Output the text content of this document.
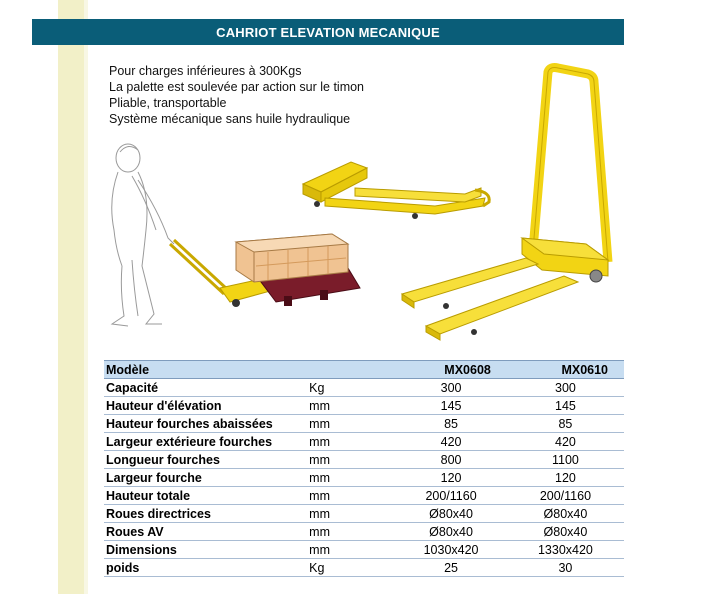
CAHRIOT ELEVATION MECANIQUE
Pour charges inférieures à 300Kgs
La palette est soulevée par action sur le timon
Pliable, transportable
Système mécanique sans huile hydraulique
Modèle		MX0608	MX0610
Capacité	Kg	300	300
Hauteur d'élévation	mm	145	145
Hauteur fourches abaissées	mm	85	85
Largeur extérieure fourches	mm	420	420
Longueur fourches	mm	800	1100
Largeur fourche	mm	120	120
Hauteur totale	mm	200/1160	200/1160
Roues directrices	mm	Ø80x40	Ø80x40
Roues AV	mm	Ø80x40	Ø80x40
Dimensions	mm	1030x420	1330x420
poids	Kg	25	30
